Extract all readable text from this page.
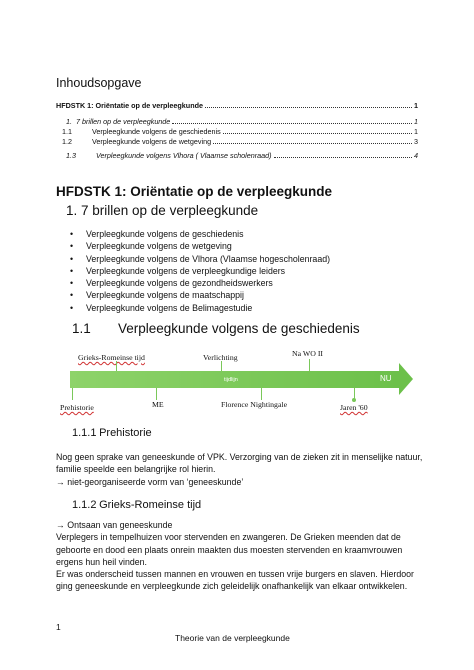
Inhoudsopgave
HFDSTK 1: Oriëntatie op de verpleegkunde	1
1. 7 brillen op de verpleegkunde	1
1.1	Verpleegkunde volgens de geschiedenis	1
1.2	Verpleegkunde volgens de wetgeving	3
1.3	Verpleegkunde volgens Vlhora ( Vlaamse scholenraad)	4
HFDSTK 1: Oriëntatie op de verpleegkunde
1. 7 brillen op de verpleegkunde
• Verpleegkunde volgens de geschiedenis
• Verpleegkunde volgens de wetgeving
• Verpleegkunde volgens de Vlhora (Vlaamse hogescholenraad)
• Verpleegkunde volgens de verpleegkundige leiders
• Verpleegkunde volgens de gezondheidswerkers
• Verpleegkunde volgens de maatschappij
• Verpleegkunde volgens de Belimagestudie
1.1 Verpleegkunde volgens de geschiedenis
Grieks-Romeinse tijd	Verlichting	Na WO II
tijdlijn	NU
Prehistorie	ME	Florence Nightingale	Jaren '60
1.1.1 Prehistorie
Nog geen sprake van geneeskunde of VPK. Verzorging van de zieken zit in menselijke natuur,
familie speelde een belangrijke rol hierin.
→ niet-georganiseerde vorm van ‘geneeskunde’
1.1.2 Grieks-Romeinse tijd
→ Ontsaan van geneeskunde
Verplegers in tempelhuizen voor stervenden en zwangeren. De Grieken meenden dat de
geboorte en dood een plaats onrein maakten dus moesten stervenden en kraamvrouwen
ergens hun heil vinden.
Er was onderscheid tussen mannen en vrouwen en tussen vrije burgers en slaven. Hierdoor
ging geneeskunde en verpleegkunde zich geleidelijk onafhankelijk van elkaar ontwikkelen.
1
Theorie van de verpleegkunde
